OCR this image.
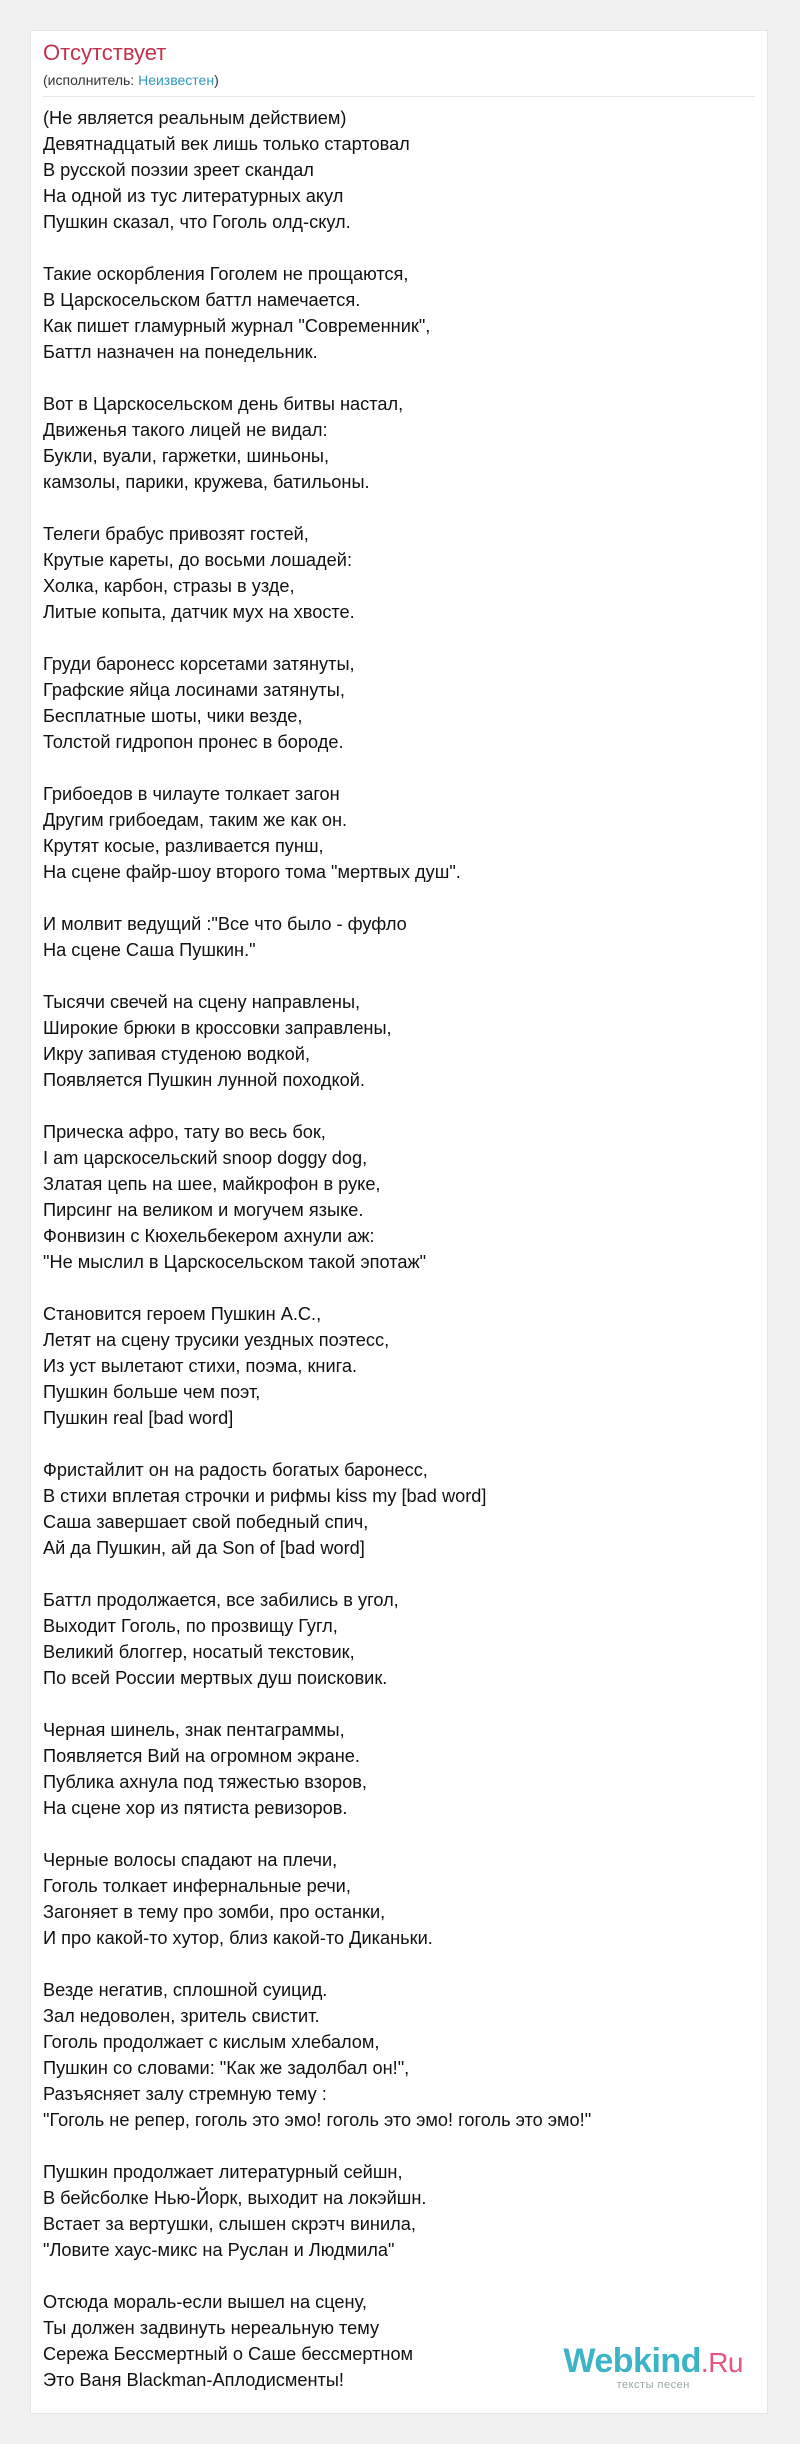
Отсутствует
(исполнитель: Неизвестен)
(Не является реальным действием)
Девятнадцатый век лишь только стартовал
В русской поэзии зреет скандал
На одной из тус литературных акул
Пушкин сказал, что Гоголь олд-скул.
Такие оскорбления Гоголем не прощаются,
В Царскосельском баттл намечается.
Как пишет гламурный журнал "Современник",
Баттл назначен на понедельник.
Вот в Царскосельском день битвы настал,
Движенья такого лицей не видал:
Букли, вуали, гаржетки, шиньоны,
камзолы, парики, кружева, батильоны.
Телеги брабус привозят гостей,
Крутые кареты, до восьми лошадей:
Холка, карбон, стразы в узде,
Литые копыта, датчик мух на хвосте.
Груди баронесс корсетами затянуты,
Графские яйца лосинами затянуты,
Бесплатные шоты, чики везде,
Толстой гидропон пронес в бороде.
Грибоедов в чилауте толкает загон
Другим грибоедам, таким же как он.
Крутят косые, разливается пунш,
На сцене файр-шоу второго тома "мертвых душ".
И молвит ведущий :"Все что было - фуфло
На сцене Саша Пушкин."
Тысячи свечей на сцену направлены,
Широкие брюки в кроссовки заправлены,
Икру запивая студеною водкой,
Появляется Пушкин лунной походкой.
Прическа афро, тату во весь бок,
I am царскосельский snoop doggy dog,
Златая цепь на шее, майкрофон в руке,
Пирсинг на великом и могучем языке.
Фонвизин с Кюхельбекером ахнули аж:
"Не мыслил в Царскосельском такой эпотаж"
Становится героем Пушкин А.С.,
Летят на сцену трусики уездных поэтесс,
Из уст вылетают стихи, поэма, книга.
Пушкин больше чем поэт,
Пушкин real [bad word]
Фристайлит он на радость богатых баронесс,
В стихи вплетая строчки и рифмы kiss my [bad word]
Саша завершает свой победный спич,
Ай да Пушкин, ай да Son of [bad word]
Баттл продолжается, все забились в угол,
Выходит Гоголь, по прозвищу Гугл,
Великий блоггер, носатый текстовик,
По всей России мертвых душ поисковик.
Черная шинель, знак пентаграммы,
Появляется Вий на огромном экране.
Публика ахнула под тяжестью взоров,
На сцене хор из пятиста ревизоров.
Черные волосы спадают на плечи,
Гоголь толкает инфернальные речи,
Загоняет в тему про зомби, про останки,
И про какой-то хутор, близ какой-то Диканьки.
Везде негатив, сплошной суицид.
Зал недоволен, зритель свистит.
Гоголь продолжает с кислым хлебалом,
Пушкин со словами: "Как же задолбал он!",
Разъясняет залу стремную тему :
"Гоголь не репер, гоголь это эмо! гоголь это эмо! гоголь это эмо!"
Пушкин продолжает литературный сейшн,
В бейсболке Нью-Йорк, выходит на локэйшн.
Встает за вертушки, слышен скрэтч винила,
"Ловите хаус-микс на Руслан и Людмила"
Отсюда мораль-если вышел на сцену,
Ты должен задвинуть нереальную тему
Сережа Бессмертный о Саше бессмертном
Это Ваня Blackman-Аплодисменты!	Webkind.Ru
тексты песен
